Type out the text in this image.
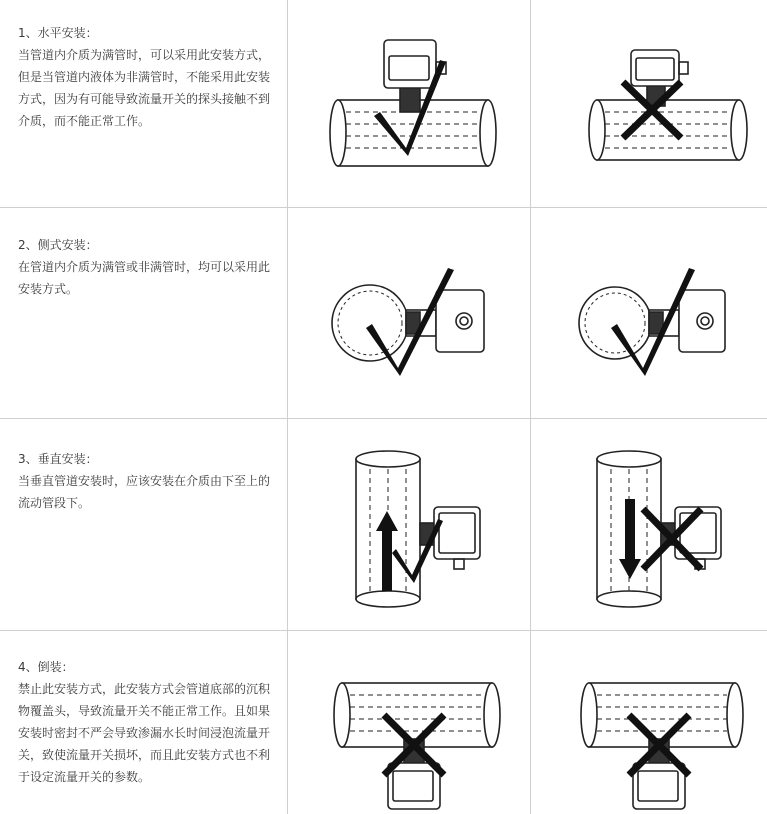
1、水平安装：
当管道内介质为满管时，可以采用此安装方式，但是当管道内液体为非满管时，不能采用此安装方式，因为有可能导致流量开关的探头接触不到介质，而不能正常工作。
2、侧式安装：
在管道内介质为满管或非满管时，均可以采用此安装方式。
3、垂直安装：
当垂直管道安装时，应该安装在介质由下至上的流动管段下。
4、倒装：
禁止此安装方式，此安装方式会管道底部的沉积物覆盖头，导致流量开关不能正常工作。且如果安装时密封不严会导致渗漏水长时间浸泡流量开关，致使流量开关损坏，而且此安装方式也不利于设定流量开关的参数。
